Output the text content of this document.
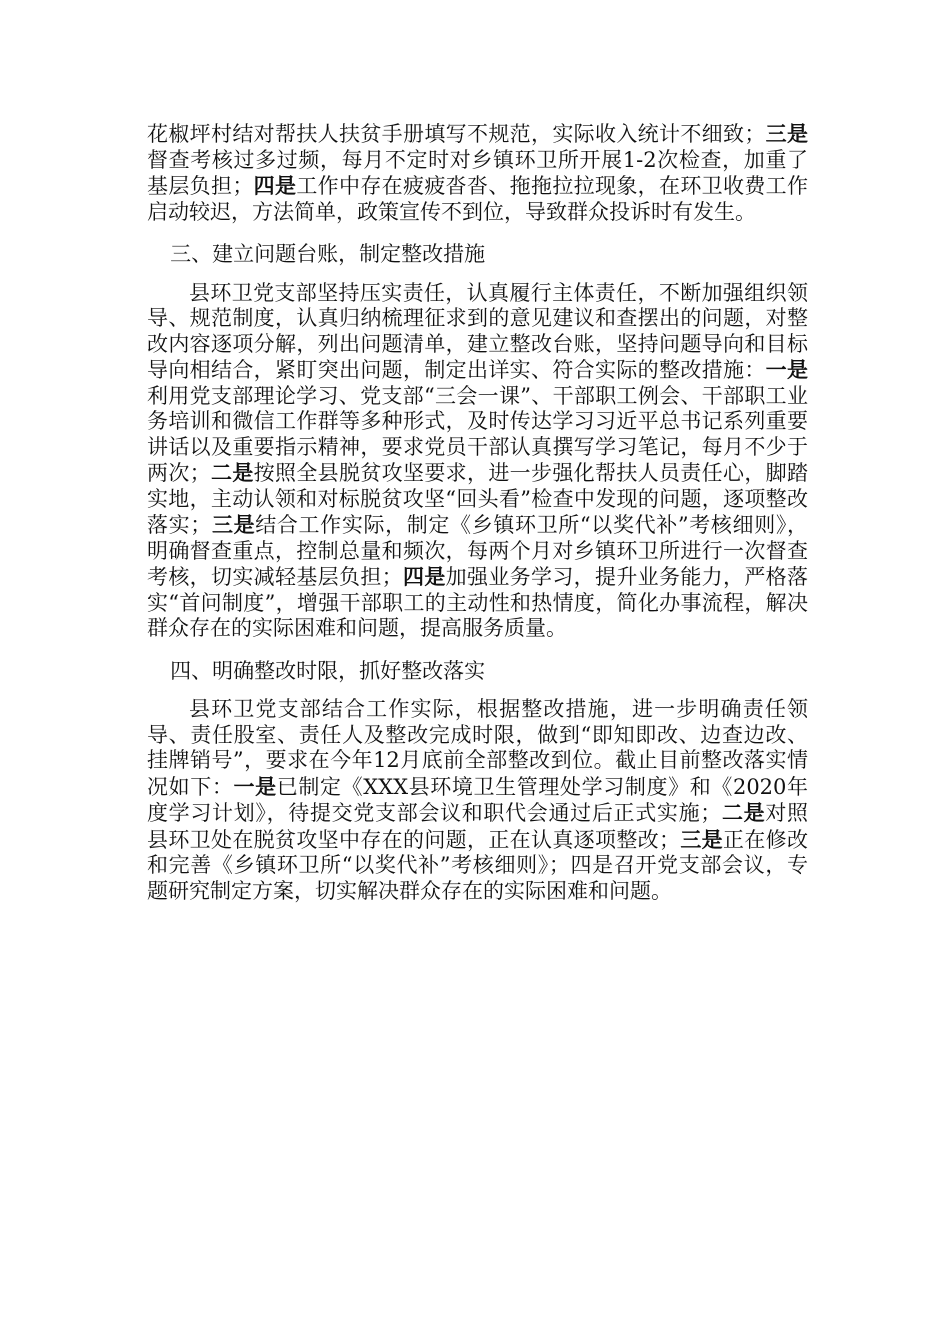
花椒坪村结对帮扶人扶贫手册填写不规范，实际收入统计不细致；三是督查考核过多过频，每月不定时对乡镇环卫所开展1-2次检查，加重了基层负担；四是工作中存在疲疲沓沓、拖拖拉拉现象，在环卫收费工作启动较迟，方法简单，政策宣传不到位，导致群众投诉时有发生。

三、建立问题台账，制定整改措施

县环卫党支部坚持压实责任，认真履行主体责任，不断加强组织领导、规范制度，认真归纳梳理征求到的意见建议和查摆出的问题，对整改内容逐项分解，列出问题清单，建立整改台账，坚持问题导向和目标导向相结合，紧盯突出问题，制定出详实、符合实际的整改措施：一是利用党支部理论学习、党支部“三会一课”、干部职工例会、干部职工业务培训和微信工作群等多种形式，及时传达学习习近平总书记系列重要讲话以及重要指示精神，要求党员干部认真撰写学习笔记，每月不少于两次；二是按照全县脱贫攻坚要求，进一步强化帮扶人员责任心，脚踏实地，主动认领和对标脱贫攻坚“回头看”检查中发现的问题，逐项整改落实；三是结合工作实际，制定《乡镇环卫所“以奖代补”考核细则》，明确督查重点，控制总量和频次，每两个月对乡镇环卫所进行一次督查考核，切实减轻基层负担；四是加强业务学习，提升业务能力，严格落实“首问制度”，增强干部职工的主动性和热情度，简化办事流程，解决群众存在的实际困难和问题，提高服务质量。

四、明确整改时限，抓好整改落实

县环卫党支部结合工作实际，根据整改措施，进一步明确责任领导、责任股室、责任人及整改完成时限，做到“即知即改、边查边改、挂牌销号”，要求在今年12月底前全部整改到位。截止目前整改落实情况如下：一是已制定《XXX县环境卫生管理处学习制度》和《2020年度学习计划》，待提交党支部会议和职代会通过后正式实施；二是对照县环卫处在脱贫攻坚中存在的问题，正在认真逐项整改；三是正在修改和完善《乡镇环卫所“以奖代补”考核细则》；四是召开党支部会议，专题研究制定方案，切实解决群众存在的实际困难和问题。
